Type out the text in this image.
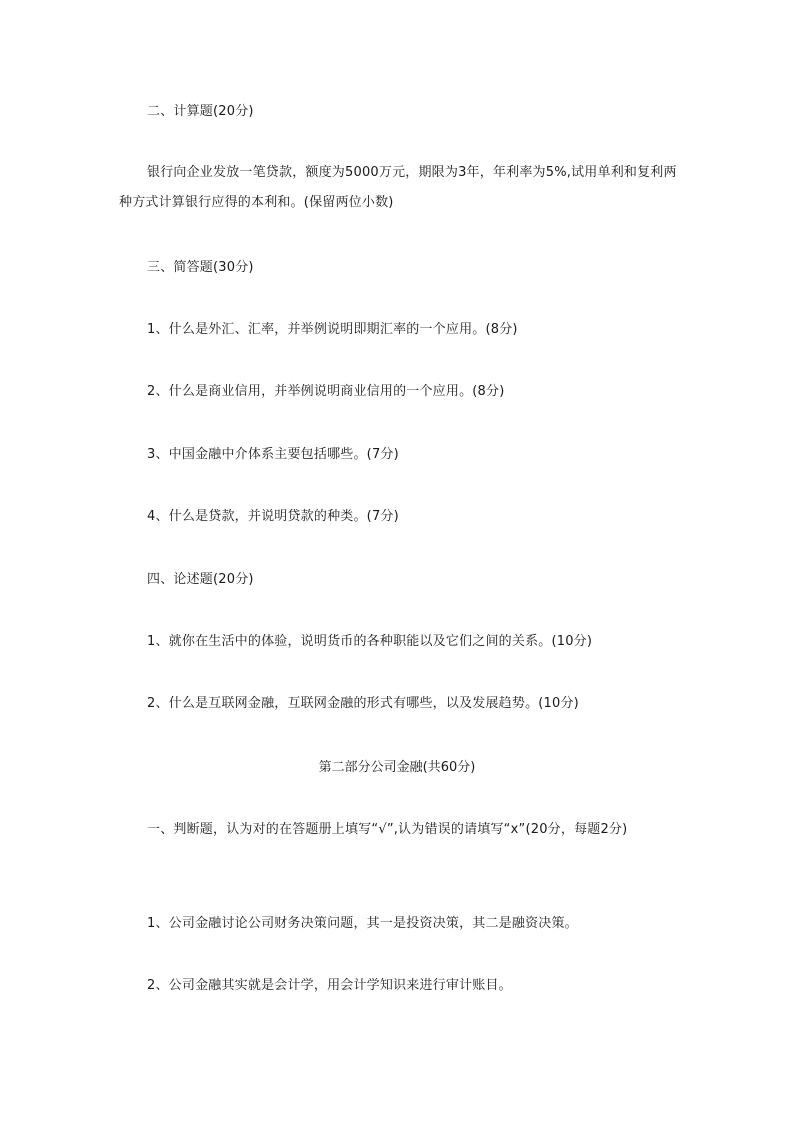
二、计算题(20分)
银行向企业发放一笔贷款，额度为5000万元，期限为3年，年利率为5%,试用单利和复利两种方式计算银行应得的本利和。(保留两位小数)
三、简答题(30分)
1、什么是外汇、汇率，并举例说明即期汇率的一个应用。(8分)
2、什么是商业信用，并举例说明商业信用的一个应用。(8分)
3、中国金融中介体系主要包括哪些。(7分)
4、什么是贷款，并说明贷款的种类。(7分)
四、论述题(20分)
1、就你在生活中的体验，说明货币的各种职能以及它们之间的关系。(10分)
2、什么是互联网金融，互联网金融的形式有哪些，以及发展趋势。(10分)
第二部分公司金融(共60分)
一、判断题，认为对的在答题册上填写“√”,认为错误的请填写“x”(20分，每题2分)
1、公司金融讨论公司财务决策问题，其一是投资决策，其二是融资决策。
2、公司金融其实就是会计学，用会计学知识来进行审计账目。
